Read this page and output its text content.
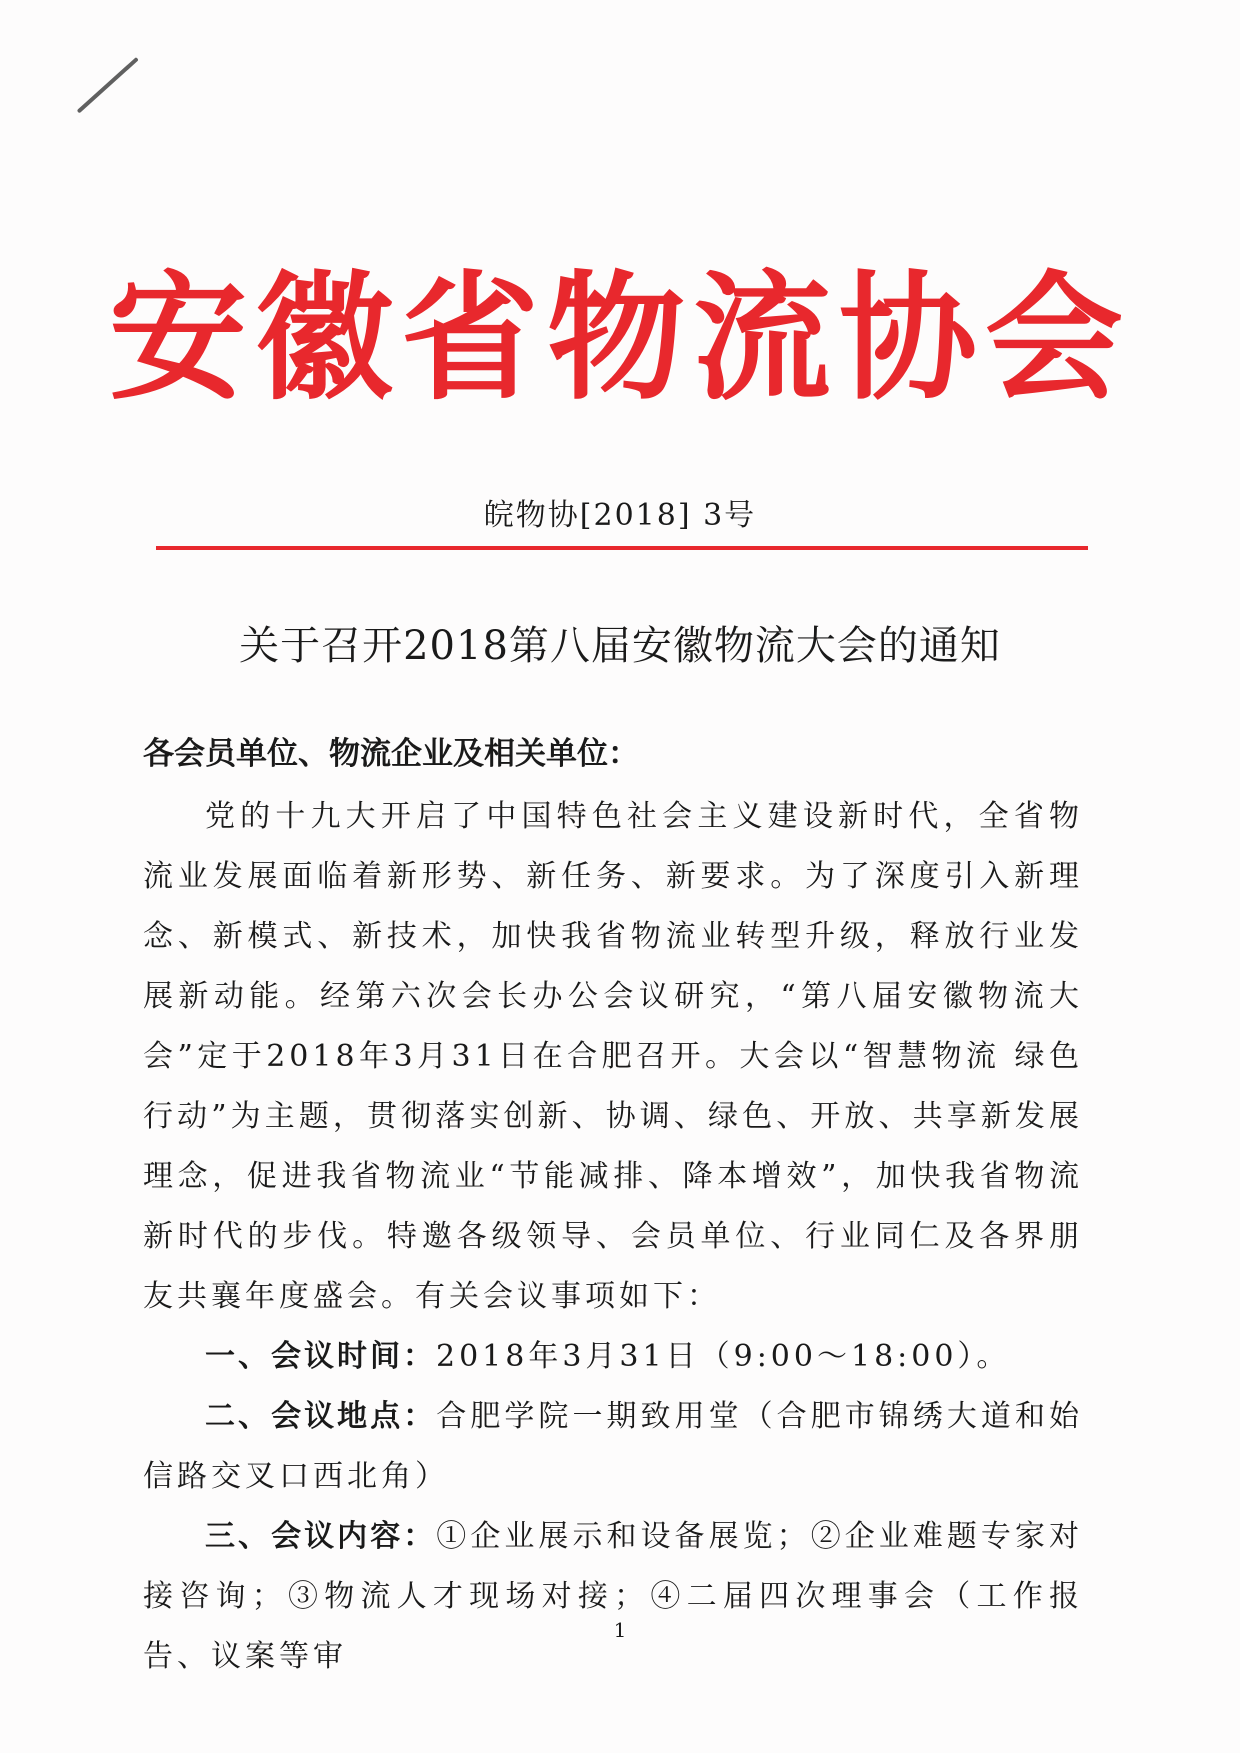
安徽省物流协会
皖物协[2018] 3号
关于召开2018第八届安徽物流大会的通知
各会员单位、物流企业及相关单位：

党的十九大开启了中国特色社会主义建设新时代，全省物流业发展面临着新形势、新任务、新要求。为了深度引入新理念、新模式、新技术，加快我省物流业转型升级，释放行业发展新动能。经第六次会长办公会议研究，“第八届安徽物流大会”定于2018年3月31日在合肥召开。大会以“智慧物流 绿色行动”为主题，贯彻落实创新、协调、绿色、开放、共享新发展理念，促进我省物流业“节能减排、降本增效”，加快我省物流新时代的步伐。特邀各级领导、会员单位、行业同仁及各界朋友共襄年度盛会。有关会议事项如下：

一、会议时间：2018年3月31日（9:00～18:00）。

二、会议地点：合肥学院一期致用堂（合肥市锦绣大道和始信路交叉口西北角）

三、会议内容：①企业展示和设备展览；②企业难题专家对接咨询；③物流人才现场对接；④二届四次理事会（工作报告、议案等审

1
